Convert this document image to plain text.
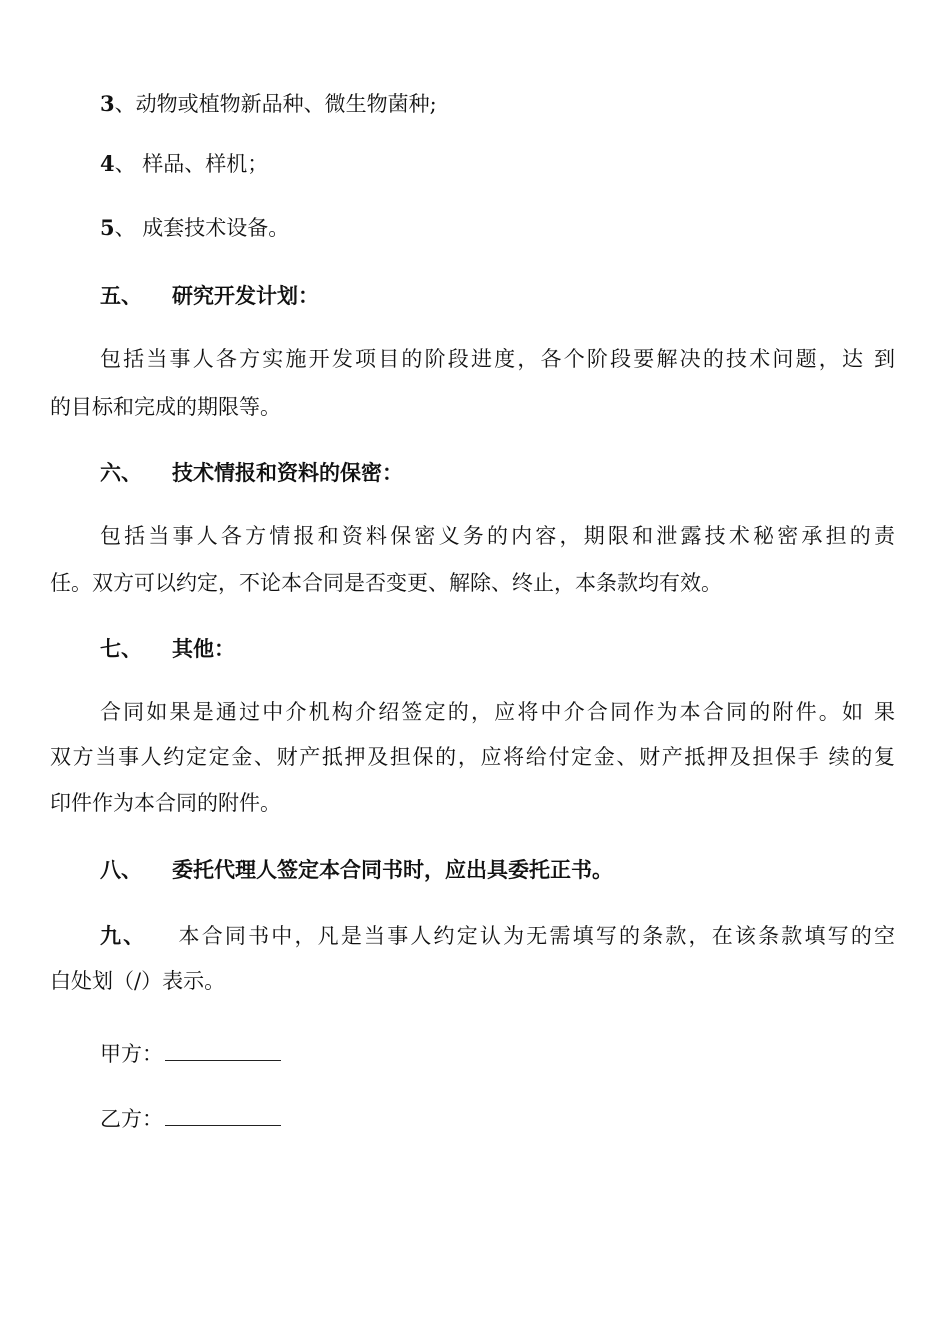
3、动物或植物新品种、微生物菌种;
4、 样品、样机；
5、 成套技术设备。
五、 研究开发计划：
包括当事人各方实施开发项目的阶段进度，各个阶段要解决的技术问题，达 到
的目标和完成的期限等。
六、 技术情报和资料的保密：
包括当事人各方情报和资料保密义务的内容，期限和泄露技术秘密承担的责
任。双方可以约定，不论本合同是否变更、解除、终止，本条款均有效。
七、 其他：
合同如果是通过中介机构介绍签定的，应将中介合同作为本合同的附件。如 果
双方当事人约定定金、财产抵押及担保的，应将给付定金、财产抵押及担保手 续的复
印件作为本合同的附件。
八、 委托代理人签定本合同书时，应出具委托正书。
九、 本合同书中，凡是当事人约定认为无需填写的条款，在该条款填写的空
白处划（/）表示。
甲方：
乙方：
